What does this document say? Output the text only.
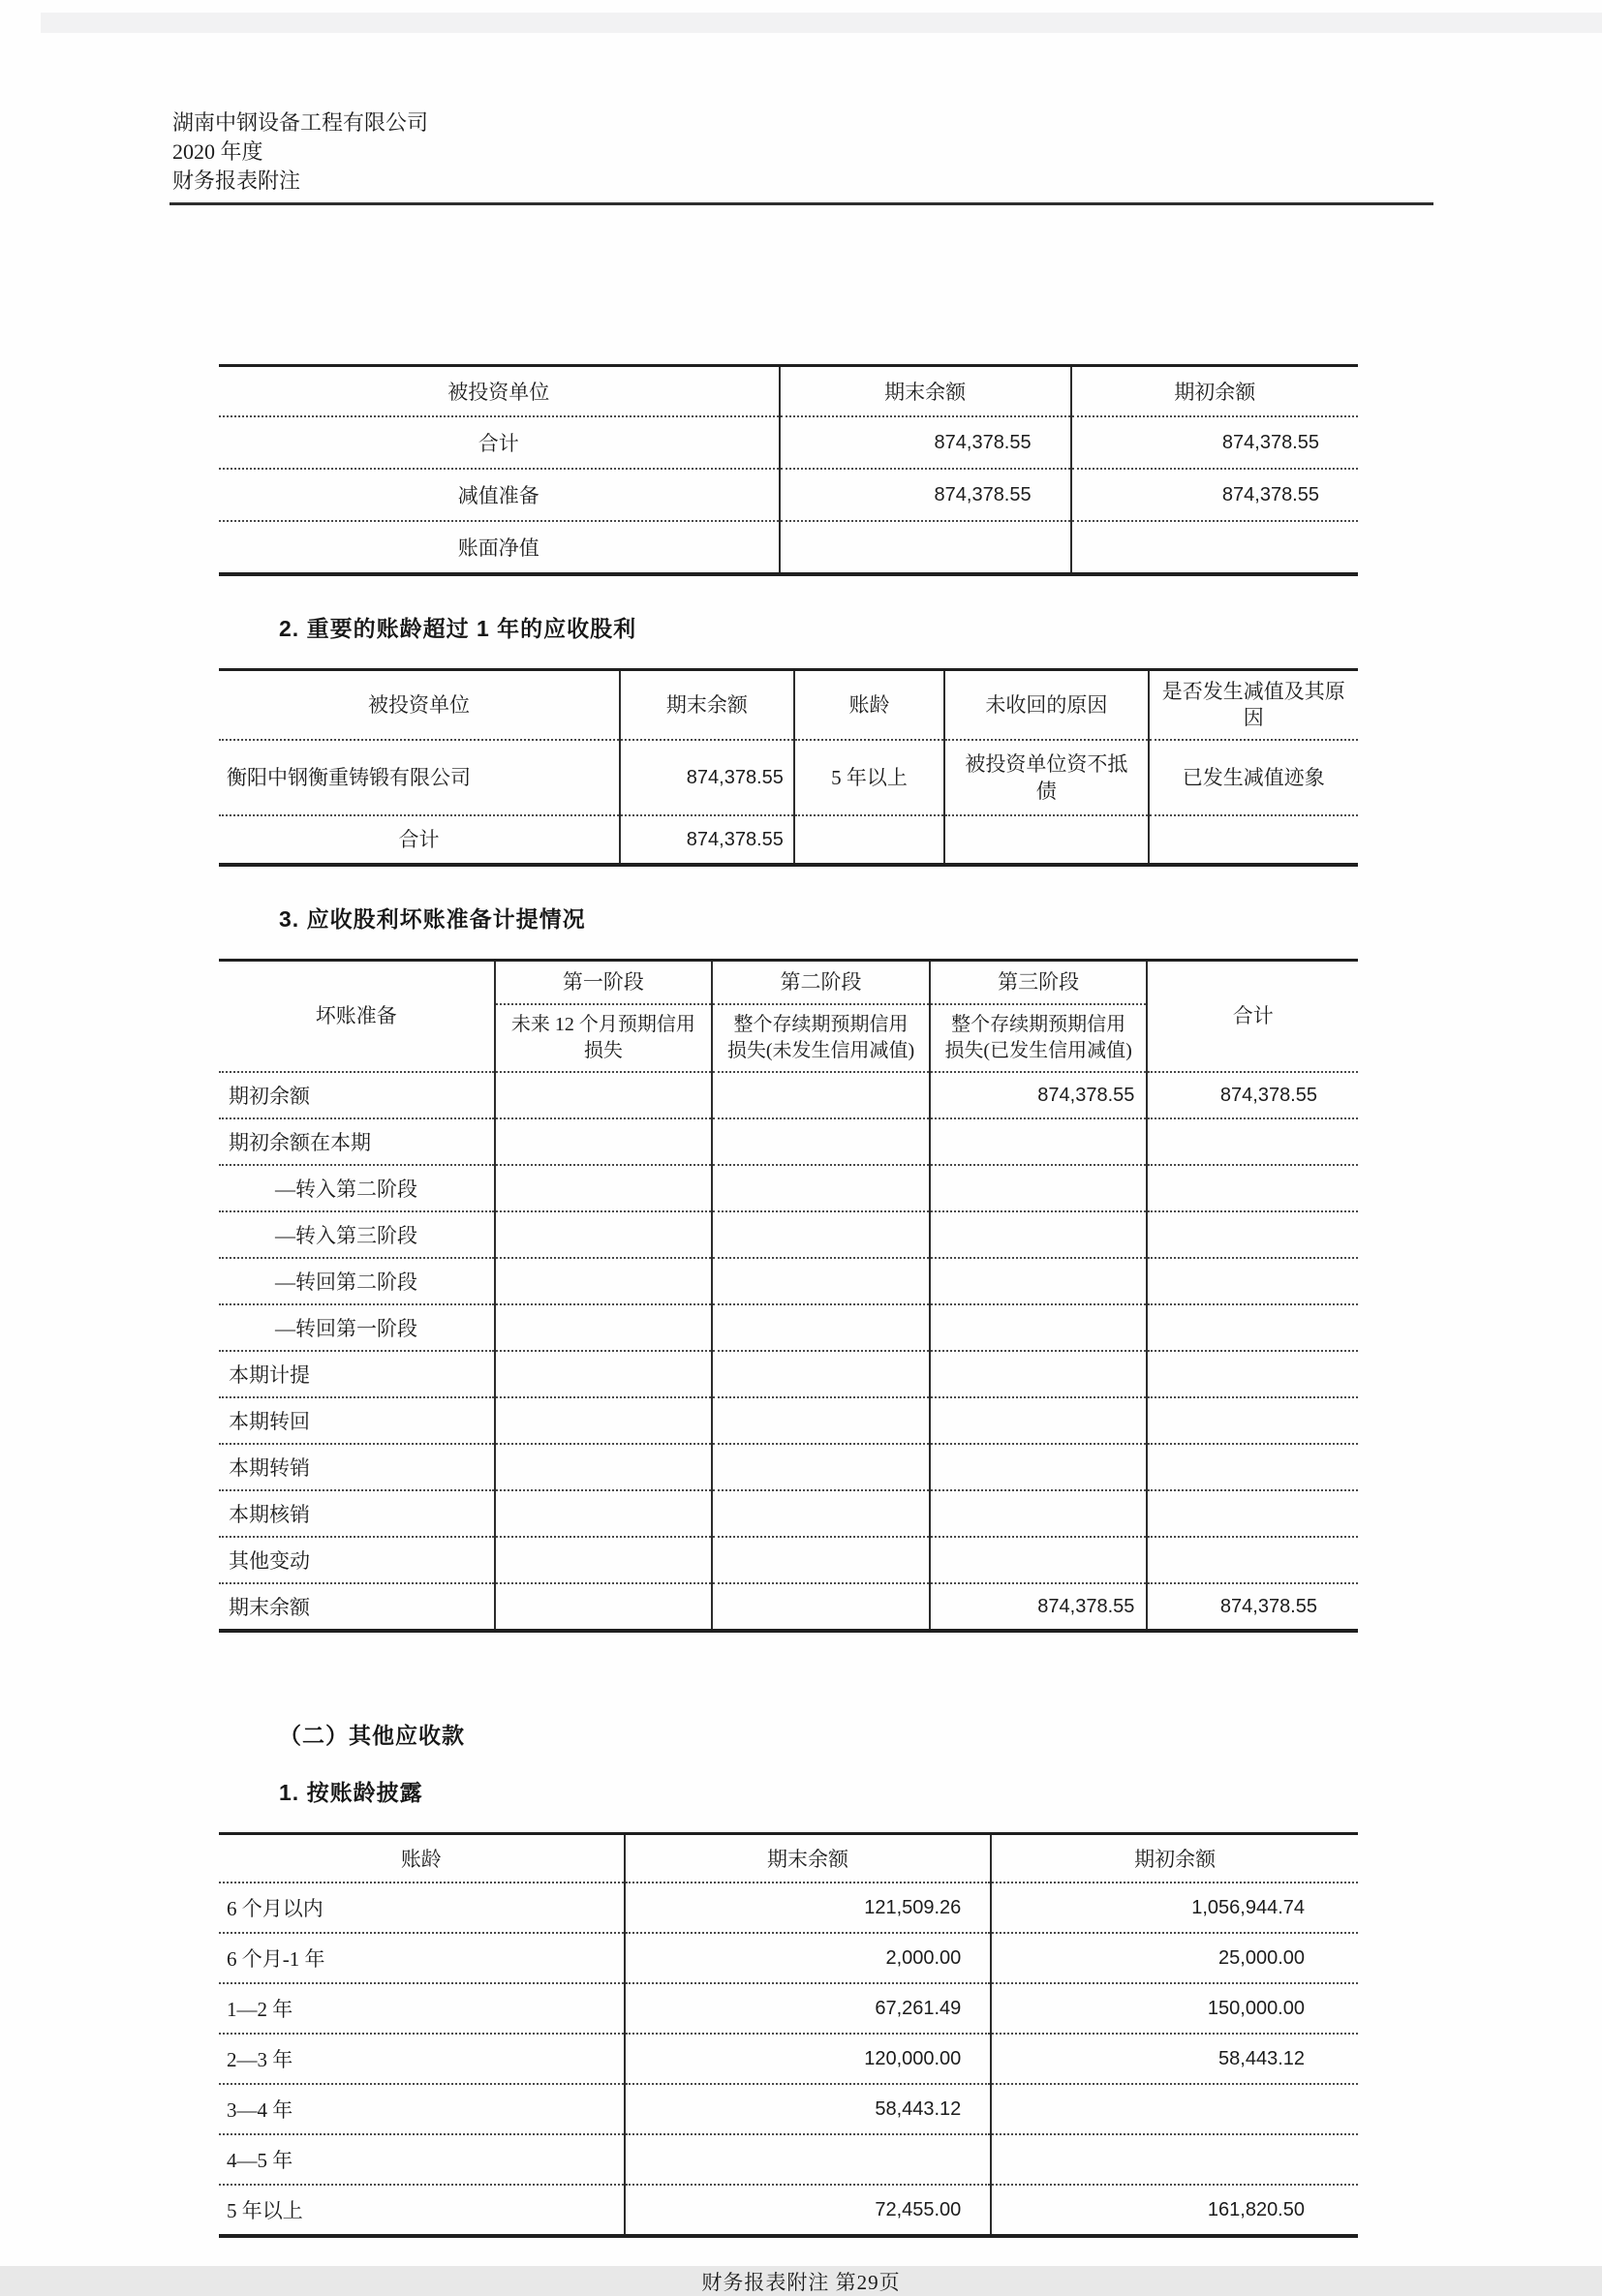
湖南中钢设备工程有限公司
2020 年度
财务报表附注
被投资单位	期末余额	期初余额
合计	874,378.55	874,378.55
减值准备	874,378.55	874,378.55
账面净值		
2. 重要的账龄超过 1 年的应收股利
被投资单位	期末余额	账龄	未收回的原因	是否发生减值及其原因
衡阳中钢衡重铸锻有限公司	874,378.55	5 年以上	被投资单位资不抵债	已发生减值迹象
合计	874,378.55			
3. 应收股利坏账准备计提情况
坏账准备	第一阶段	第二阶段	第三阶段	合计
	未来 12 个月预期信用损失	整个存续期预期信用损失(未发生信用减值)	整个存续期预期信用损失(已发生信用减值)	
期初余额			874,378.55	874,378.55
期初余额在本期				
—转入第二阶段				
—转入第三阶段				
—转回第二阶段				
—转回第一阶段				
本期计提				
本期转回				
本期转销				
本期核销				
其他变动				
期末余额			874,378.55	874,378.55
（二）其他应收款
1. 按账龄披露
账龄	期末余额	期初余额
6 个月以内	121,509.26	1,056,944.74
6 个月-1 年	2,000.00	25,000.00
1—2 年	67,261.49	150,000.00
2—3 年	120,000.00	58,443.12
3—4 年	58,443.12	
4—5 年		
5 年以上	72,455.00	161,820.50
财务报表附注 第29页
